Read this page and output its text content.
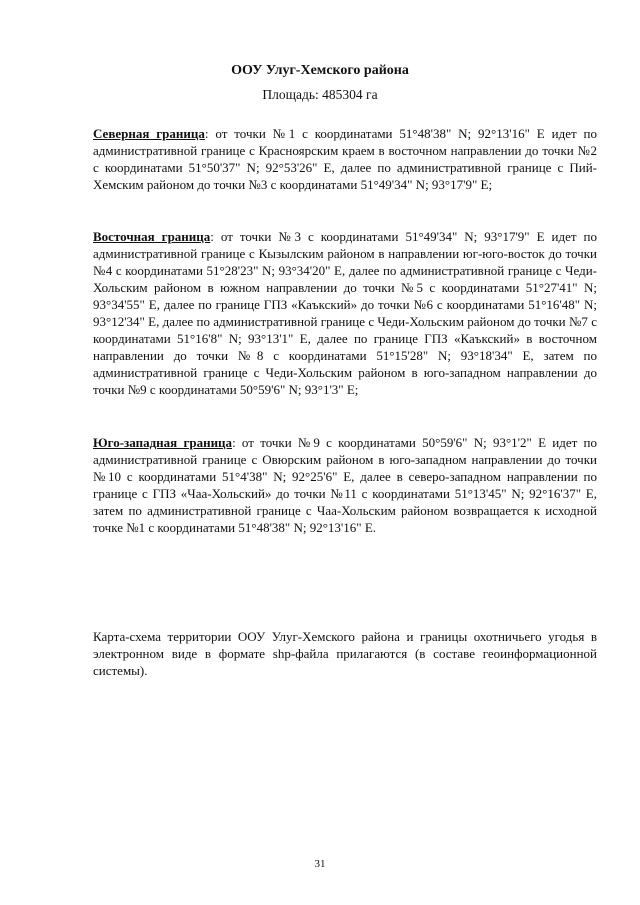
ООУ Улуг-Хемского района
Площадь: 485304 га
Северная граница: от точки №1 с координатами 51°48'38" N; 92°13'16" E идет по административной границе с Красноярским краем в восточном направлении до точки №2 с координатами 51°50'37" N; 92°53'26" E, далее по административной границе с Пий-Хемским районом до точки №3 с координатами 51°49'34" N; 93°17'9" E;
Восточная граница: от точки №3 с координатами 51°49'34" N; 93°17'9" E идет по административной границе с Кызылским районом в направлении юг-юго-восток до точки №4 с координатами 51°28'23" N; 93°34'20" E, далее по административной границе с Чеди-Хольским районом в южном направлении до точки №5 с координатами 51°27'41" N; 93°34'55" E, далее по границе ГПЗ «Каъкский» до точки №6 с координатами 51°16'48" N; 93°12'34" E, далее по административной границе с Чеди-Хольским районом до точки №7 с координатами 51°16'8" N; 93°13'1" E, далее по границе ГПЗ «Каъкский» в восточном направлении до точки №8 с координатами 51°15'28" N; 93°18'34" E, затем по административной границе с Чеди-Хольским районом в юго-западном направлении до точки №9 с координатами 50°59'6" N; 93°1'3" E;
Юго-западная граница: от точки №9 с координатами 50°59'6" N; 93°1'2" E идет по административной границе с Овюрским районом в юго-западном направлении до точки №10 с координатами 51°4'38" N; 92°25'6" E, далее в северо-западном направлении по границе с ГПЗ «Чаа-Хольский» до точки №11 с координатами 51°13'45" N; 92°16'37" E, затем по административной границе с Чаа-Хольским районом возвращается к исходной точке №1 с координатами 51°48'38" N; 92°13'16" E.
Карта-схема территории ООУ Улуг-Хемского района и границы охотничьего угодья в электронном виде в формате shp-файла прилагаются (в составе геоинформационной системы).
31
